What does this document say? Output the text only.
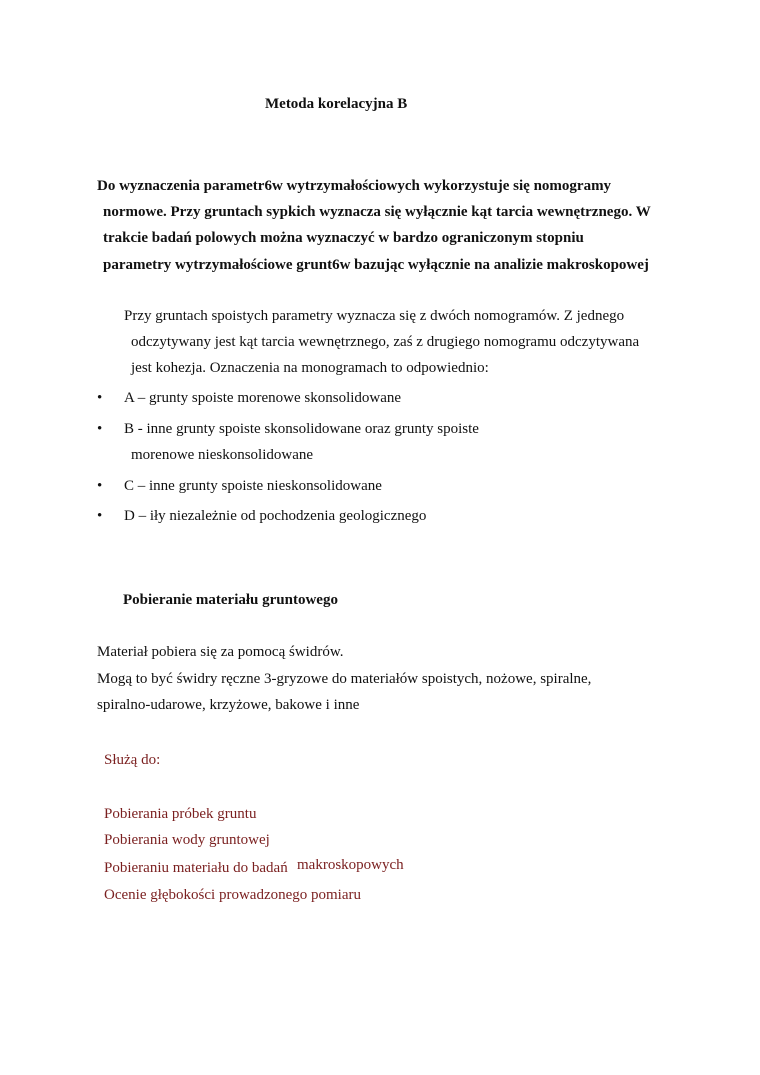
Metoda korelacyjna B
Do wyznaczenia parametr6w wytrzymałościowych wykorzystuje się nomogramy
normowe. Przy gruntach sypkich wyznacza się wyłącznie kąt tarcia wewnętrznego. W
trakcie badań polowych można wyznaczyć w bardzo ograniczonym stopniu
parametry wytrzymałościowe grunt6w bazując wyłącznie na analizie makroskopowej
Przy gruntach spoistych parametry wyznacza się z dwóch nomogramów. Z jednego
odczytywany jest kąt tarcia wewnętrznego, zaś z drugiego nomogramu odczytywana
jest kohezja. Oznaczenia na monogramach to odpowiednio:
• A – grunty spoiste morenowe skonsolidowane
• B - inne grunty spoiste skonsolidowane oraz grunty spoiste
morenowe nieskonsolidowane
• C – inne grunty spoiste nieskonsolidowane
• D – iły niezależnie od pochodzenia geologicznego
Pobieranie materiału gruntowego
Materiał pobiera się za pomocą świdrów.
Mogą to być świdry ręczne 3-gryzowe do materiałów spoistych, nożowe, spiralne,
spiralno-udarowe, krzyżowe, bakowe i inne
Służą do:
Pobierania próbek gruntu
Pobierania wody gruntowej
Pobieraniu materiału do badań makroskopowych
Ocenie głębokości prowadzonego pomiaru
